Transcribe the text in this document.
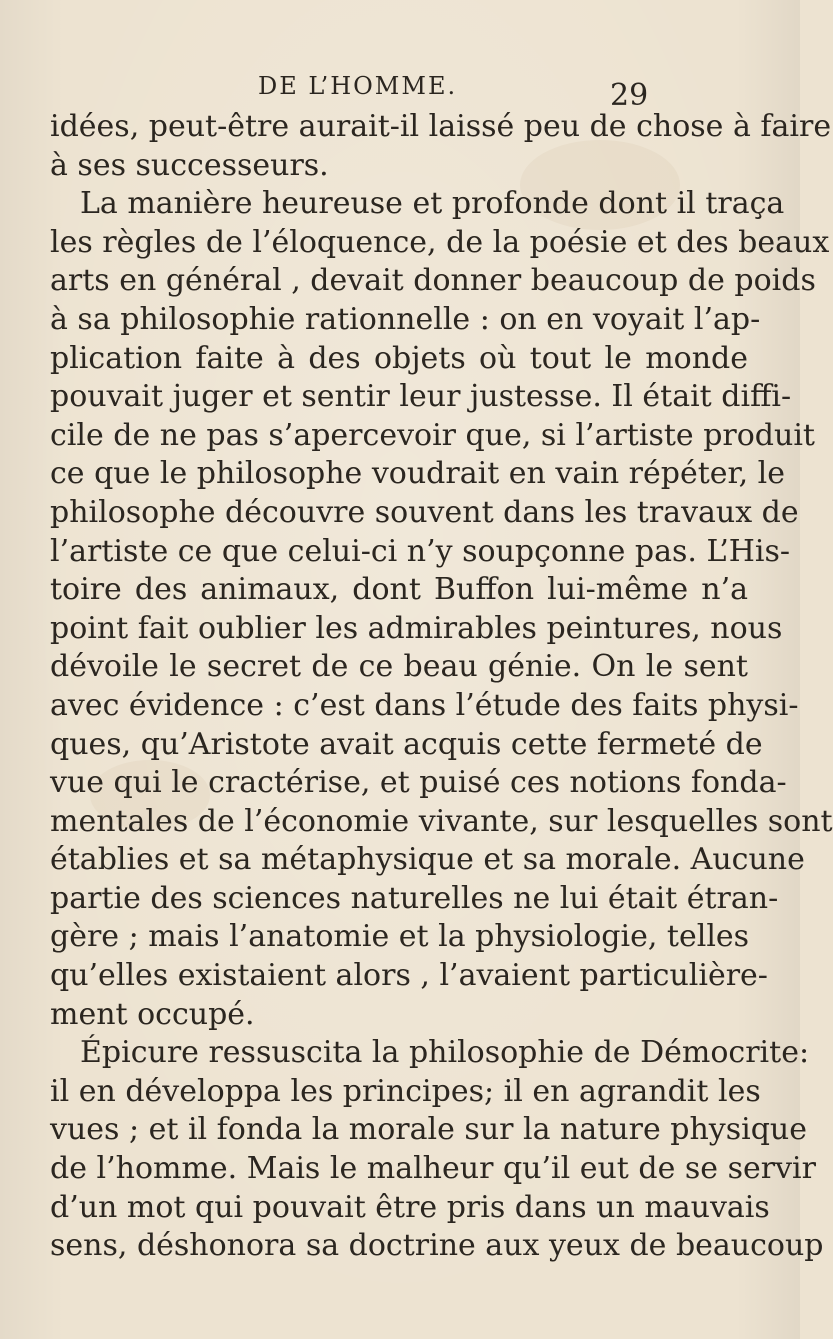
DE L’HOMME.	29
idées, peut-être aurait-il laissé peu de chose à faire
à ses successeurs.
La manière heureuse et profonde dont il traça
les règles de l’éloquence, de la poésie et des beaux
arts en général , devait donner beaucoup de poids
à sa philosophie rationnelle : on en voyait l’ap-
plication faite à des objets où tout le monde
pouvait juger et sentir leur justesse. Il était diffi-
cile de ne pas s’apercevoir que, si l’artiste produit
ce que le philosophe voudrait en vain répéter, le
philosophe découvre souvent dans les travaux de
l’artiste ce que celui-ci n’y soupçonne pas. L’His-
toire des animaux, dont Buffon lui-même n’a
point fait oublier les admirables peintures, nous
dévoile le secret de ce beau génie. On le sent
avec évidence : c’est dans l’étude des faits physi-
ques, qu’Aristote avait acquis cette fermeté de
vue qui le cractérise, et puisé ces notions fonda-
mentales de l’économie vivante, sur lesquelles sont
établies et sa métaphysique et sa morale. Aucune
partie des sciences naturelles ne lui était étran-
gère ; mais l’anatomie et la physiologie, telles
qu’elles existaient alors , l’avaient particulière-
ment occupé.
Épicure ressuscita la philosophie de Démocrite:
il en développa les principes; il en agrandit les
vues ; et il fonda la morale sur la nature physique
de l’homme. Mais le malheur qu’il eut de se servir
d’un mot qui pouvait être pris dans un mauvais
sens, déshonora sa doctrine aux yeux de beaucoup
